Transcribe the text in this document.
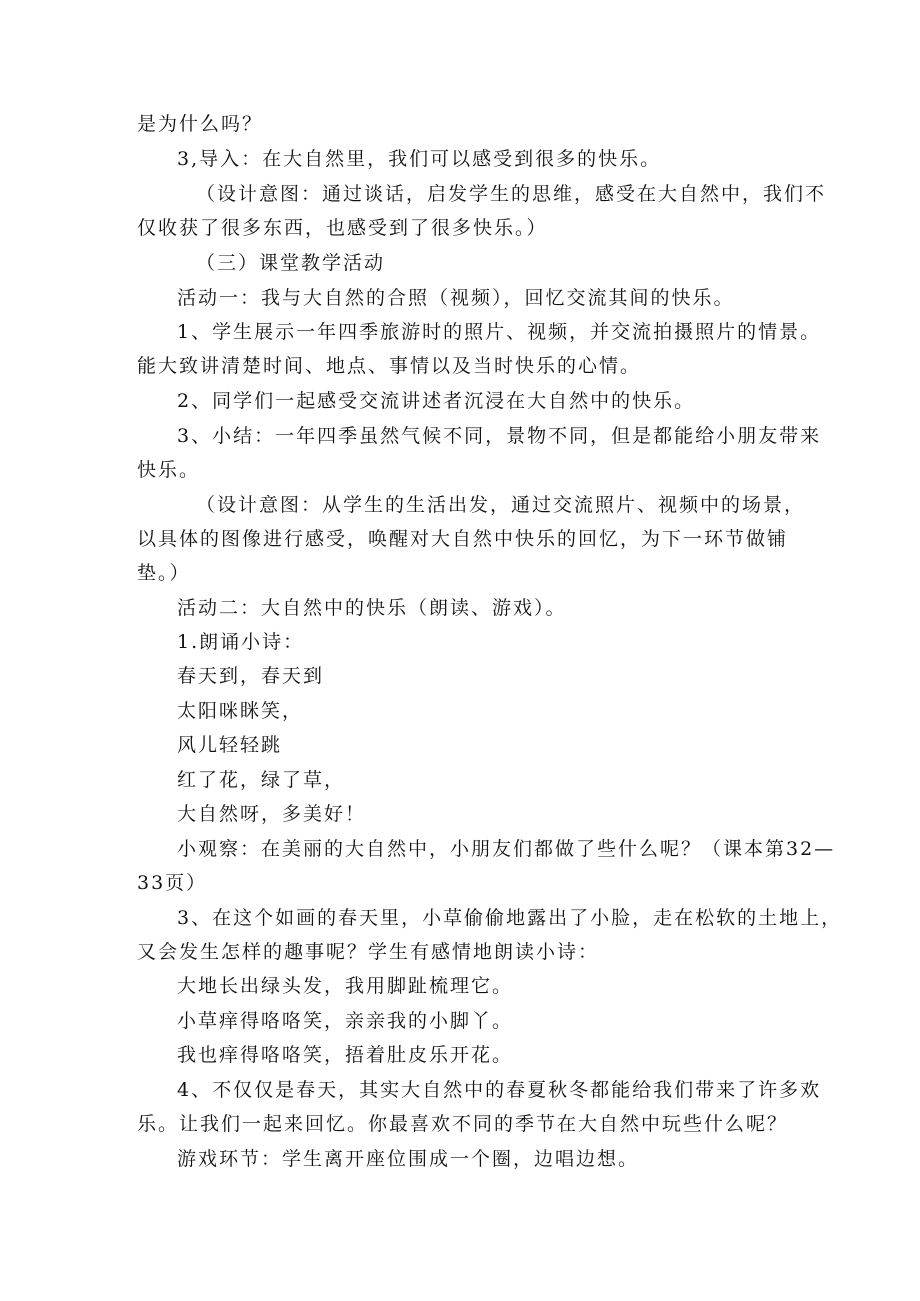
是为什么吗？
3,导入：在大自然里，我们可以感受到很多的快乐。
（设计意图：通过谈话，启发学生的思维，感受在大自然中，我们不
仅收获了很多东西，也感受到了很多快乐。）
（三）课堂教学活动
活动一：我与大自然的合照（视频），回忆交流其间的快乐。
1、学生展示一年四季旅游时的照片、视频，并交流拍摄照片的情景。
能大致讲清楚时间、地点、事情以及当时快乐的心情。
2、同学们一起感受交流讲述者沉浸在大自然中的快乐。
3、小结：一年四季虽然气候不同，景物不同，但是都能给小朋友带来
快乐。
（设计意图：从学生的生活出发，通过交流照片、视频中的场景，
以具体的图像进行感受，唤醒对大自然中快乐的回忆，为下一环节做铺
垫。）
活动二：大自然中的快乐（朗读、游戏）。
1.朗诵小诗：
春天到，春天到
太阳咪眯笑，
风儿轻轻跳
红了花，绿了草，
大自然呀，多美好！
小观察：在美丽的大自然中，小朋友们都做了些什么呢？（课本第32—
33页）
3、在这个如画的春天里，小草偷偷地露出了小脸，走在松软的土地上，
又会发生怎样的趣事呢？学生有感情地朗读小诗：
大地长出绿头发，我用脚趾梳理它。
小草痒得咯咯笑，亲亲我的小脚丫。
我也痒得咯咯笑，捂着肚皮乐开花。
4、不仅仅是春天，其实大自然中的春夏秋冬都能给我们带来了许多欢
乐。让我们一起来回忆。你最喜欢不同的季节在大自然中玩些什么呢？
游戏环节：学生离开座位围成一个圈，边唱边想。
